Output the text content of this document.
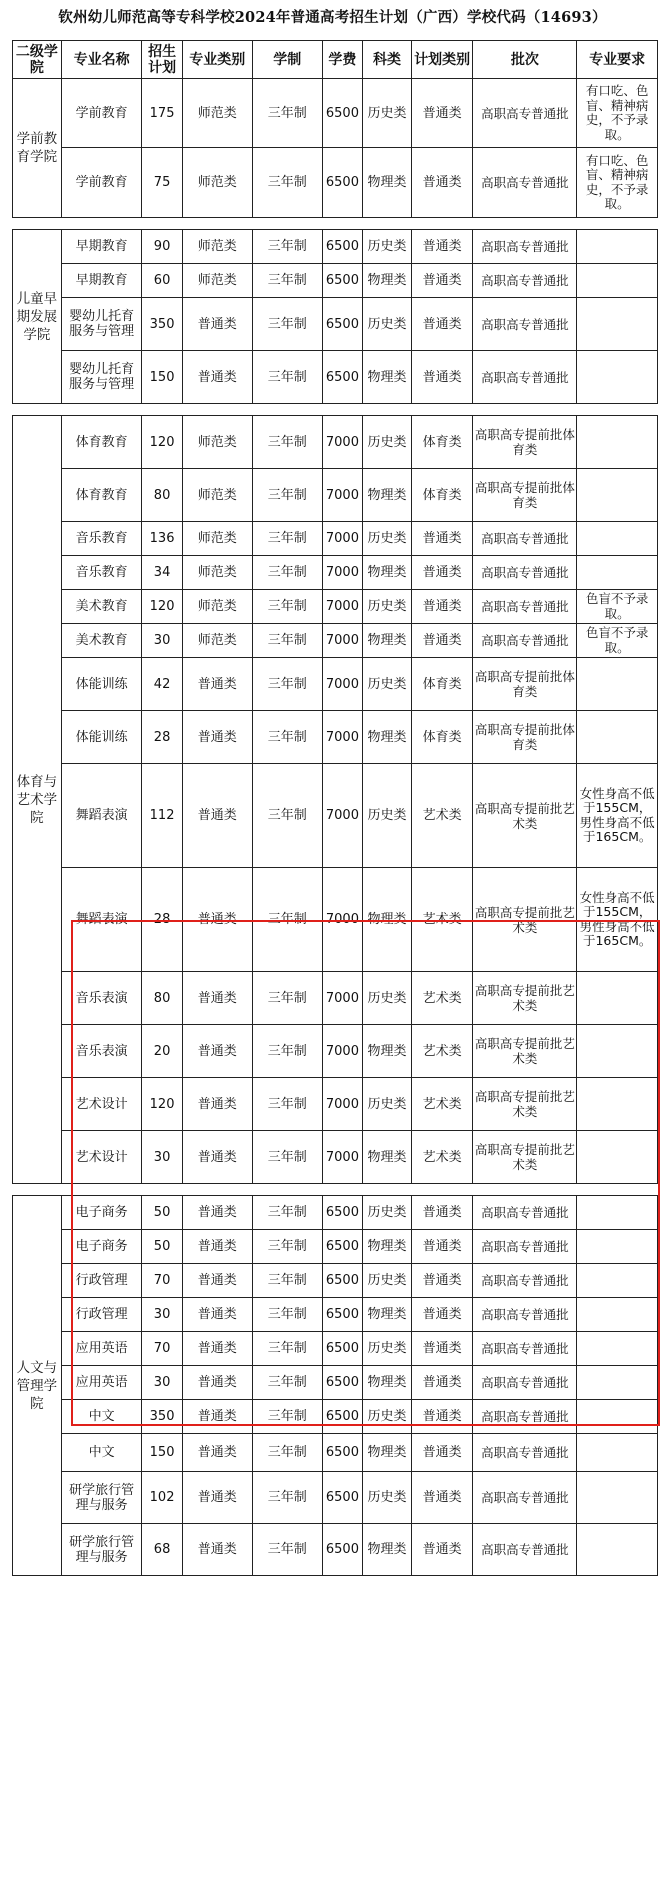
钦州幼儿师范高等专科学校2024年普通高考招生计划（广西）学校代码（14693）
二级学院	专业名称	招生计划	专业类别	学制	学费	科类	计划类别	批次	专业要求
学前教育学院	学前教育	175	师范类	三年制	6500	历史类	普通类	高职高专普通批	有口吃、色盲、精神病史，不予录取。
	学前教育	75	师范类	三年制	6500	物理类	普通类	高职高专普通批	有口吃、色盲、精神病史，不予录取。

儿童早期发展学院	早期教育	90	师范类	三年制	6500	历史类	普通类	高职高专普通批	
	早期教育	60	师范类	三年制	6500	物理类	普通类	高职高专普通批	
	婴幼儿托育服务与管理	350	普通类	三年制	6500	历史类	普通类	高职高专普通批	
	婴幼儿托育服务与管理	150	普通类	三年制	6500	物理类	普通类	高职高专普通批	

体育与艺术学院	体育教育	120	师范类	三年制	7000	历史类	体育类	高职高专提前批体育类	
	体育教育	80	师范类	三年制	7000	物理类	体育类	高职高专提前批体育类	
	音乐教育	136	师范类	三年制	7000	历史类	普通类	高职高专普通批	
	音乐教育	34	师范类	三年制	7000	物理类	普通类	高职高专普通批	
	美术教育	120	师范类	三年制	7000	历史类	普通类	高职高专普通批	色盲不予录取。
	美术教育	30	师范类	三年制	7000	物理类	普通类	高职高专普通批	色盲不予录取。
	体能训练	42	普通类	三年制	7000	历史类	体育类	高职高专提前批体育类	
	体能训练	28	普通类	三年制	7000	物理类	体育类	高职高专提前批体育类	
	舞蹈表演	112	普通类	三年制	7000	历史类	艺术类	高职高专提前批艺术类	女性身高不低于155CM，男性身高不低于165CM。
	舞蹈表演	28	普通类	三年制	7000	物理类	艺术类	高职高专提前批艺术类	女性身高不低于155CM，男性身高不低于165CM。
	音乐表演	80	普通类	三年制	7000	历史类	艺术类	高职高专提前批艺术类	
	音乐表演	20	普通类	三年制	7000	物理类	艺术类	高职高专提前批艺术类	
	艺术设计	120	普通类	三年制	7000	历史类	艺术类	高职高专提前批艺术类	
	艺术设计	30	普通类	三年制	7000	物理类	艺术类	高职高专提前批艺术类	

人文与管理学院	电子商务	50	普通类	三年制	6500	历史类	普通类	高职高专普通批	
	电子商务	50	普通类	三年制	6500	物理类	普通类	高职高专普通批	
	行政管理	70	普通类	三年制	6500	历史类	普通类	高职高专普通批	
	行政管理	30	普通类	三年制	6500	物理类	普通类	高职高专普通批	
	应用英语	70	普通类	三年制	6500	历史类	普通类	高职高专普通批	
	应用英语	30	普通类	三年制	6500	物理类	普通类	高职高专普通批	
	中文	350	普通类	三年制	6500	历史类	普通类	高职高专普通批	
	中文	150	普通类	三年制	6500	物理类	普通类	高职高专普通批	
	研学旅行管理与服务	102	普通类	三年制	6500	历史类	普通类	高职高专普通批	
	研学旅行管理与服务	68	普通类	三年制	6500	物理类	普通类	高职高专普通批	
